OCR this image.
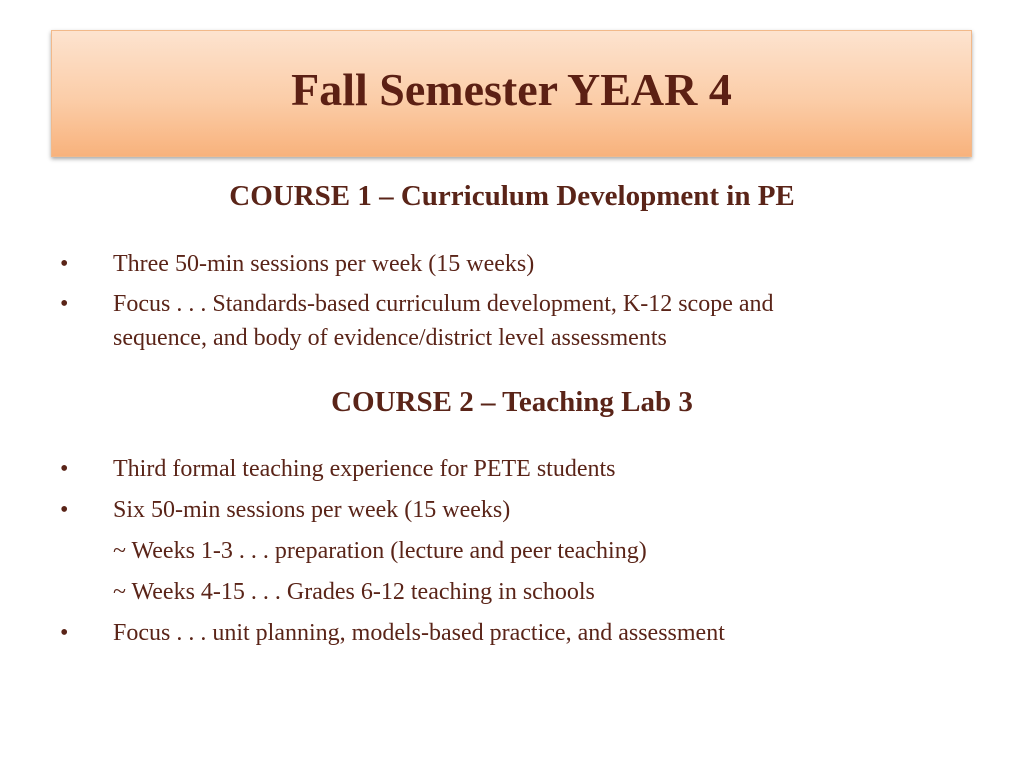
Fall Semester YEAR 4
COURSE 1 – Curriculum Development in PE
• Three 50-min sessions per week (15 weeks)
• Focus . . . Standards-based curriculum development, K-12 scope and
sequence, and body of evidence/district level assessments
COURSE 2 – Teaching Lab 3
• Third formal teaching experience for PETE students
• Six 50-min sessions per week (15 weeks)
~ Weeks 1-3 . . . preparation (lecture and peer teaching)
~ Weeks 4-15 . . . Grades 6-12 teaching in schools
• Focus . . . unit planning, models-based practice, and assessment
